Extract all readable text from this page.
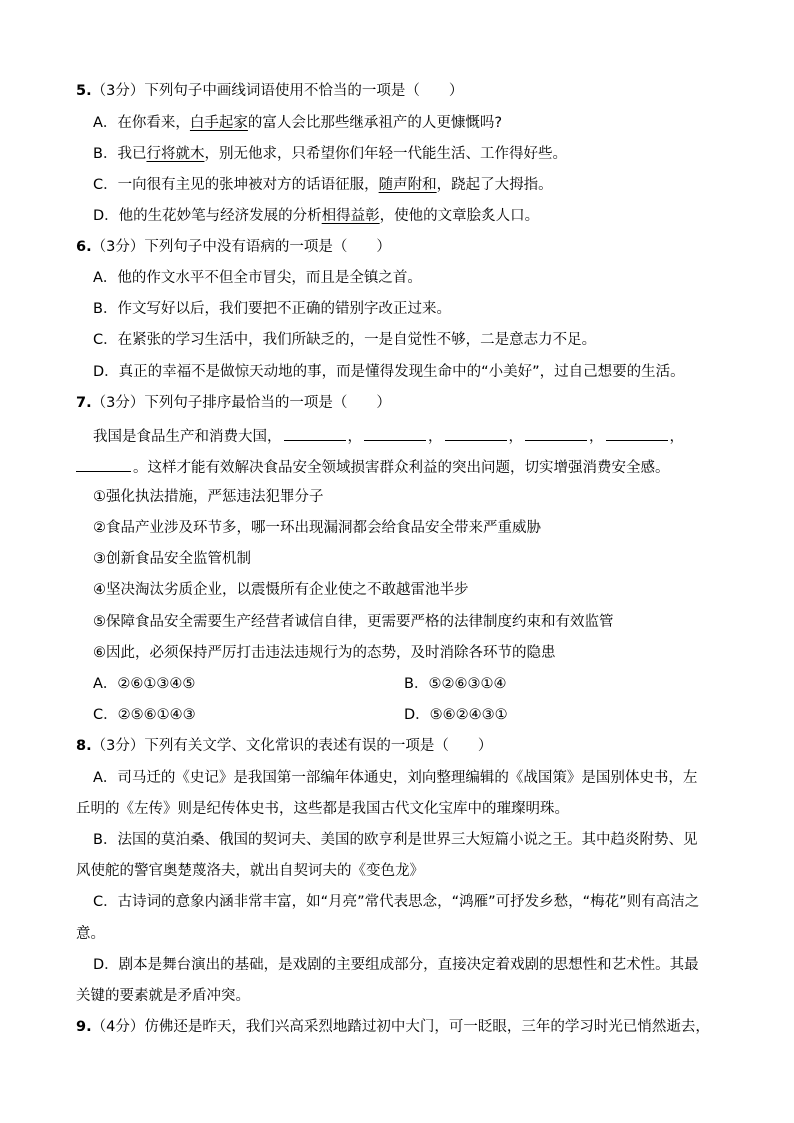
5.（3分）下列句子中画线词语使用不恰当的一项是（　　）
A．在你看来，白手起家的富人会比那些继承祖产的人更慷慨吗?
B．我已行将就木，别无他求，只希望你们年轻一代能生活、工作得好些。
C．一向很有主见的张坤被对方的话语征服，随声附和，跷起了大拇指。
D．他的生花妙笔与经济发展的分析相得益彰，使他的文章脍炙人口。
6.（3分）下列句子中没有语病的一项是（　　）
A．他的作文水平不但全市冒尖，而且是全镇之首。
B．作文写好以后，我们要把不正确的错别字改正过来。
C．在紧张的学习生活中，我们所缺乏的，一是自觉性不够，二是意志力不足。
D．真正的幸福不是做惊天动地的事，而是懂得发现生命中的“小美好”，过自己想要的生活。
7.（3分）下列句子排序最恰当的一项是（　　）
我国是食品生产和消费大国，	，	，	，	，	，
。这样才能有效解决食品安全领域损害群众利益的突出问题，切实增强消费安全感。
①强化执法措施，严惩违法犯罪分子
②食品产业涉及环节多，哪一环出现漏洞都会给食品安全带来严重威胁
③创新食品安全监管机制
④坚决淘汰劣质企业，以震慑所有企业使之不敢越雷池半步
⑤保障食品安全需要生产经营者诚信自律，更需要严格的法律制度约束和有效监管
⑥因此，必须保持严厉打击违法违规行为的态势，及时消除各环节的隐患
A．②⑥①③④⑤	B．⑤②⑥③①④
C．②⑤⑥①④③	D．⑤⑥②④③①
8.（3分）下列有关文学、文化常识的表述有误的一项是（　　）
A．司马迁的《史记》是我国第一部编年体通史，刘向整理编辑的《战国策》是国别体史书，左
丘明的《左传》则是纪传体史书，这些都是我国古代文化宝库中的璀璨明珠。
B．法国的莫泊桑、俄国的契诃夫、美国的欧亨利是世界三大短篇小说之王。其中趋炎附势、见
风使舵的警官奥楚蔑洛夫，就出自契诃夫的《变色龙》
C．古诗词的意象内涵非常丰富，如“月亮”常代表思念，“鸿雁”可抒发乡愁，“梅花”则有高洁之
意。
D．剧本是舞台演出的基础，是戏剧的主要组成部分，直接决定着戏剧的思想性和艺术性。其最
关键的要素就是矛盾冲突。
9.（4分）仿佛还是昨天，我们兴高采烈地踏过初中大门，可一眨眼，三年的学习时光已悄然逝去，
